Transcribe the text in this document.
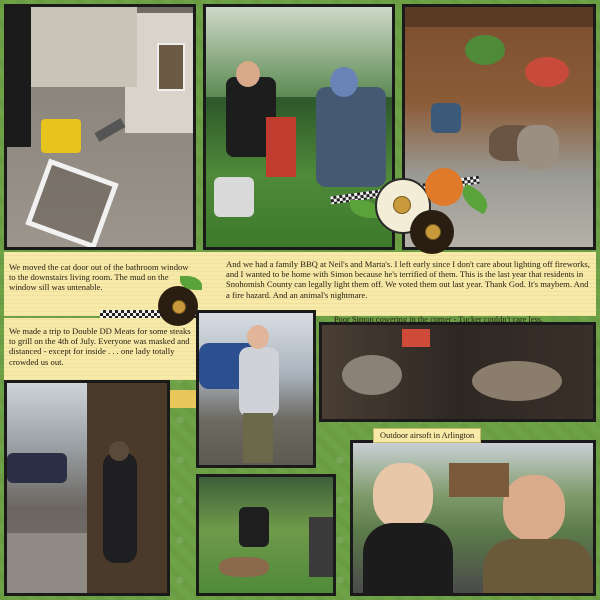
We moved the cat door out of the bathroom window to the downstairs living room. The mud on the window sill was untenable.
And we had a family BBQ at Neil's and Marta's. I left early since I don't care about lighting off fireworks, and I wanted to be home with Simon because he's terrified of them. This is the last year that residents in Snohomish County can legally light them off. We voted them out last year. Thank God. It's maybem. And a fire hazard. And an animal's nightmare.
We made a trip to Double DD Meats for some steaks to grill on the 4th of July. Everyone was masked and distanced - except for inside . . . one lady totally crowded us out.
Poor Simon cowering in the corner - Tucker couldn't care less.
Outdoor airsoft in Arlington
